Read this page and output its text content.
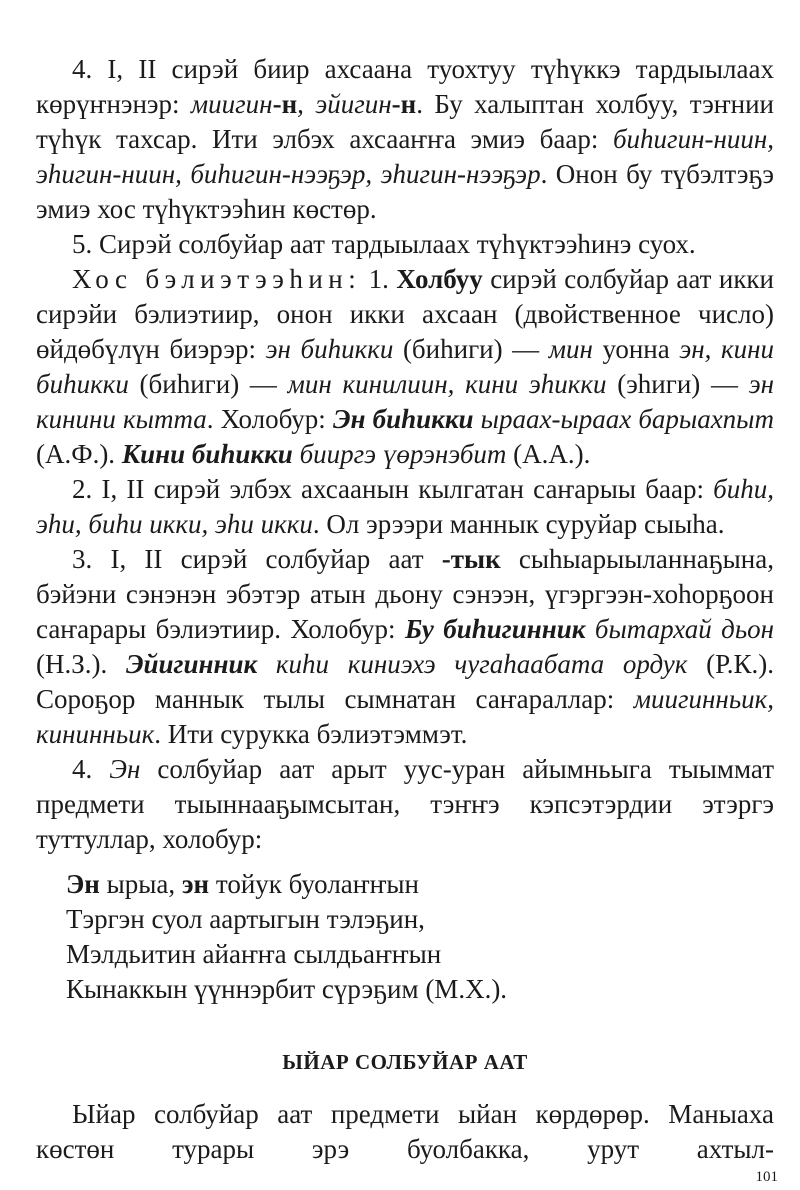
4. I, II сирэй биир ахсаана туохтуу түһүккэ тардыылаах көрүҥнэнэр: миигин-н, эйигин-н. Бу халыптан холбуу, тэҥнии түһүк тахсар. Ити элбэх ахсааҥҥа эмиэ баар: биһигин-ниин, эһигин-ниин, биһигин-нээҕэр, эһигин-нээҕэр. Онон бу түбэлтэҕэ эмиэ хос түһүктээһин көстөр.

5. Сирэй солбуйар аат тардыылаах түһүктээһинэ суох.

Хос бэлиэтээһин: 1. Холбуу сирэй солбуйар аат икки сирэйи бэлиэтиир, онон икки ахсаан (двойственное число) өйдөбүлүн биэрэр: эн биһикки (биһиги) — мин уонна эн, кини биһикки (биһиги) — мин кинилиин, кини эһикки (эһиги) — эн кинини кытта. Холобур: Эн биһикки ыраах-ыраах барыахпыт (А.Ф.). Кини биһикки бииргэ үөрэнэбит (А.А.).

2. I, II сирэй элбэх ахсаанын кылгатан саҥарыы баар: биһи, эһи, биһи икки, эһи икки. Ол эрээри маннык суруйар сыыһа.

3. I, II сирэй солбуйар аат -тык сыһыарыыланнаҕына, бэйэни сэнэнэн эбэтэр атын дьону сэнээн, үгэргээн-хоһорҕоон саҥарары бэлиэтиир. Холобур: Бу биһигинник бытархай дьон (Н.З.). Эйигинник киһи киниэхэ чугаһаабата ордук (Р.К.). Сороҕор маннык тылы сымнатан саҥараллар: миигинньик, кининньик. Ити сурукка бэлиэтэммэт.

4. Эн солбуйар аат арыт уус-уран айымньыга тыыммат предмети тыыннааҕымсытан, тэҥҥэ кэпсэтэрдии этэргэ туттуллар, холобур:

Эн ырыа, эн тойук буолаҥҥын
Тэргэн суол аартыгын тэлэҕин,
Мэлдьитин айаҥҥа сылдьаҥҥын
Кынаккын үүннэрбит сүрэҕим (М.Х.).
ЫЙАР СОЛБУЙАР ААТ

Ыйар солбуйар аат предмети ыйан көрдөрөр. Маныаха көстөн турары эрэ буолбакка, урут ахтыл-

101
